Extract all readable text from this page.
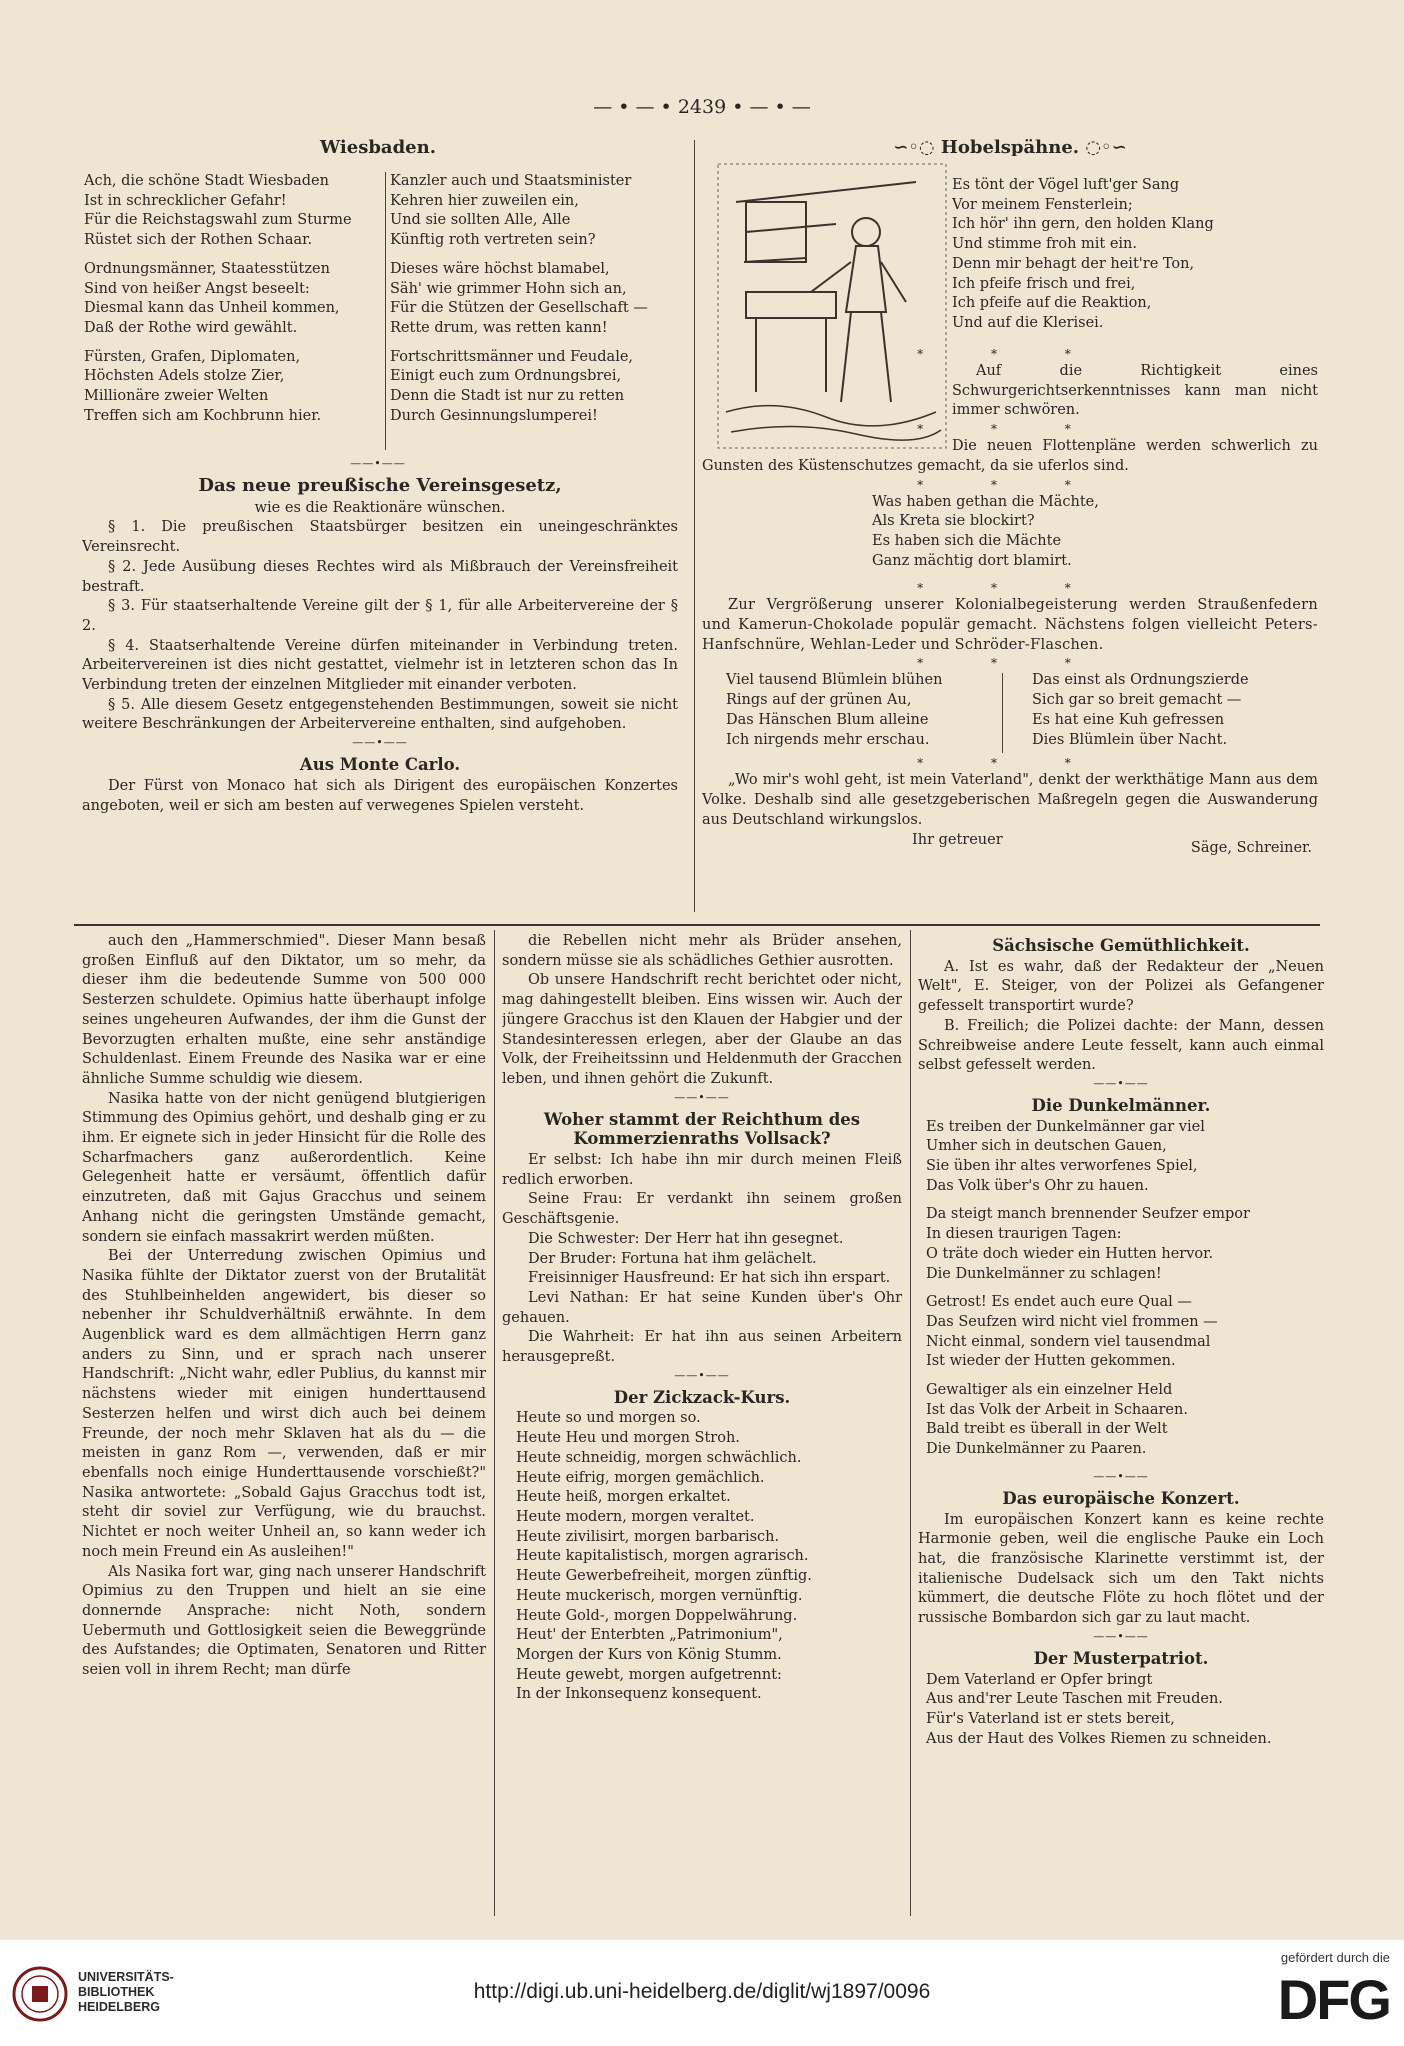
— • — • 2439 • — • —
Wiesbaden.
Ach, die schöne Stadt Wiesbaden
Ist in schrecklicher Gefahr!
Für die Reichstagswahl zum Sturme
Rüstet sich der Rothen Schaar.
Ordnungsmänner, Staatesstützen
Sind von heißer Angst beseelt:
Diesmal kann das Unheil kommen,
Daß der Rothe wird gewählt.
Fürsten, Grafen, Diplomaten,
Höchsten Adels stolze Zier,
Millionäre zweier Welten
Treffen sich am Kochbrunn hier.
Kanzler auch und Staatsminister
Kehren hier zuweilen ein,
Und sie sollten Alle, Alle
Künftig roth vertreten sein?
Dieses wäre höchst blamabel,
Säh' wie grimmer Hohn sich an,
Für die Stützen der Gesellschaft —
Rette drum, was retten kann!
Fortschrittsmänner und Feudale,
Einigt euch zum Ordnungsbrei,
Denn die Stadt ist nur zu retten
Durch Gesinnungslumperei!
——•——
Das neue preußische Vereinsgesetz,
wie es die Reaktionäre wünschen.
§ 1. Die preußischen Staatsbürger besitzen ein uneingeschränktes Vereinsrecht.
§ 2. Jede Ausübung dieses Rechtes wird als Mißbrauch der Vereinsfreiheit bestraft.
§ 3. Für staatserhaltende Vereine gilt der § 1, für alle Arbeitervereine der § 2.
§ 4. Staatserhaltende Vereine dürfen miteinander in Verbindung treten. Arbeitervereinen ist dies nicht gestattet, vielmehr ist in letzteren schon das In Verbindung treten der einzelnen Mitglieder mit einander verboten.
§ 5. Alle diesem Gesetz entgegenstehenden Bestimmungen, soweit sie nicht weitere Beschränkungen der Arbeitervereine enthalten, sind aufgehoben.
——•——
Aus Monte Carlo.
Der Fürst von Monaco hat sich als Dirigent des europäischen Konzertes angeboten, weil er sich am besten auf verwegenes Spielen versteht.
∽◦◌ Hobelspähne. ◌◦∽
Es tönt der Vögel luft'ger Sang
Vor meinem Fensterlein;
Ich hör' ihn gern, den holden Klang
Und stimme froh mit ein.
Denn mir behagt der heit're Ton,
Ich pfeife frisch und frei,
Ich pfeife auf die Reaktion,
Und auf die Klerisei.
* * *
Auf die Richtigkeit eines Schwurgerichtserkenntnisses kann man nicht immer schwören.
* * *
Die neuen Flottenpläne werden schwerlich zu Gunsten des Küstenschutzes gemacht, da sie uferlos sind.
* * *
Was haben gethan die Mächte,
Als Kreta sie blockirt?
Es haben sich die Mächte
Ganz mächtig dort blamirt.
* * *
Zur Vergrößerung unserer Kolonialbegeisterung werden Straußenfedern und Kamerun-Chokolade populär gemacht. Nächstens folgen vielleicht Peters-Hanfschnüre, Wehlan-Leder und Schröder-Flaschen.
* * *
Viel tausend Blümlein blühen
Rings auf der grünen Au,
Das Hänschen Blum alleine
Ich nirgends mehr erschau.
Das einst als Ordnungszierde
Sich gar so breit gemacht —
Es hat eine Kuh gefressen
Dies Blümlein über Nacht.
* * *
„Wo mir's wohl geht, ist mein Vaterland", denkt der werkthätige Mann aus dem Volke. Deshalb sind alle gesetzgeberischen Maßregeln gegen die Auswanderung aus Deutschland wirkungslos.
Ihr getreuer	Säge, Schreiner.
auch den „Hammerschmied". Dieser Mann besaß großen Einfluß auf den Diktator, um so mehr, da dieser ihm die bedeutende Summe von 500 000 Sesterzen schuldete. Opimius hatte überhaupt infolge seines ungeheuren Aufwandes, der ihm die Gunst der Bevorzugten erhalten mußte, eine sehr anständige Schuldenlast. Einem Freunde des Nasika war er eine ähnliche Summe schuldig wie diesem.
Nasika hatte von der nicht genügend blutgierigen Stimmung des Opimius gehört, und deshalb ging er zu ihm. Er eignete sich in jeder Hinsicht für die Rolle des Scharfmachers ganz außerordentlich. Keine Gelegenheit hatte er versäumt, öffentlich dafür einzutreten, daß mit Gajus Gracchus und seinem Anhang nicht die geringsten Umstände gemacht, sondern sie einfach massakrirt werden müßten.
Bei der Unterredung zwischen Opimius und Nasika fühlte der Diktator zuerst von der Brutalität des Stuhlbeinhelden angewidert, bis dieser so nebenher ihr Schuldverhältniß erwähnte. In dem Augenblick ward es dem allmächtigen Herrn ganz anders zu Sinn, und er sprach nach unserer Handschrift: „Nicht wahr, edler Publius, du kannst mir nächstens wieder mit einigen hunderttausend Sesterzen helfen und wirst dich auch bei deinem Freunde, der noch mehr Sklaven hat als du — die meisten in ganz Rom —, verwenden, daß er mir ebenfalls noch einige Hunderttausende vorschießt?" Nasika antwortete: „Sobald Gajus Gracchus todt ist, steht dir soviel zur Verfügung, wie du brauchst. Nichtet er noch weiter Unheil an, so kann weder ich noch mein Freund ein As ausleihen!"
Als Nasika fort war, ging nach unserer Handschrift Opimius zu den Truppen und hielt an sie eine donnernde Ansprache: nicht Noth, sondern Uebermuth und Gottlosigkeit seien die Beweggründe des Aufstandes; die Optimaten, Senatoren und Ritter seien voll in ihrem Recht; man dürfe
die Rebellen nicht mehr als Brüder ansehen, sondern müsse sie als schädliches Gethier ausrotten.
Ob unsere Handschrift recht berichtet oder nicht, mag dahingestellt bleiben. Eins wissen wir. Auch der jüngere Gracchus ist den Klauen der Habgier und der Standesinteressen erlegen, aber der Glaube an das Volk, der Freiheitssinn und Heldenmuth der Gracchen leben, und ihnen gehört die Zukunft.
——•——
Woher stammt der Reichthum des Kommerzienraths Vollsack?
Er selbst: Ich habe ihn mir durch meinen Fleiß redlich erworben.
Seine Frau: Er verdankt ihn seinem großen Geschäftsgenie.
Die Schwester: Der Herr hat ihn gesegnet.
Der Bruder: Fortuna hat ihm gelächelt.
Freisinniger Hausfreund: Er hat sich ihn erspart.
Levi Nathan: Er hat seine Kunden über's Ohr gehauen.
Die Wahrheit: Er hat ihn aus seinen Arbeitern herausgepreßt.
——•——
Der Zickzack-Kurs.
Heute so und morgen so.
Heute Heu und morgen Stroh.
Heute schneidig, morgen schwächlich.
Heute eifrig, morgen gemächlich.
Heute heiß, morgen erkaltet.
Heute modern, morgen veraltet.
Heute zivilisirt, morgen barbarisch.
Heute kapitalistisch, morgen agrarisch.
Heute Gewerbefreiheit, morgen zünftig.
Heute muckerisch, morgen vernünftig.
Heute Gold-, morgen Doppelwährung.
Heut' der Enterbten „Patrimonium",
Morgen der Kurs von König Stumm.
Heute gewebt, morgen aufgetrennt:
In der Inkonsequenz konsequent.
Sächsische Gemüthlichkeit.
A. Ist es wahr, daß der Redakteur der „Neuen Welt", E. Steiger, von der Polizei als Gefangener gefesselt transportirt wurde?
B. Freilich; die Polizei dachte: der Mann, dessen Schreibweise andere Leute fesselt, kann auch einmal selbst gefesselt werden.
——•——
Die Dunkelmänner.
Es treiben der Dunkelmänner gar viel
Umher sich in deutschen Gauen,
Sie üben ihr altes verworfenes Spiel,
Das Volk über's Ohr zu hauen.
Da steigt manch brennender Seufzer empor
In diesen traurigen Tagen:
O träte doch wieder ein Hutten hervor.
Die Dunkelmänner zu schlagen!
Getrost! Es endet auch eure Qual —
Das Seufzen wird nicht viel frommen —
Nicht einmal, sondern viel tausendmal
Ist wieder der Hutten gekommen.
Gewaltiger als ein einzelner Held
Ist das Volk der Arbeit in Schaaren.
Bald treibt es überall in der Welt
Die Dunkelmänner zu Paaren.
——•——
Das europäische Konzert.
Im europäischen Konzert kann es keine rechte Harmonie geben, weil die englische Pauke ein Loch hat, die französische Klarinette verstimmt ist, der italienische Dudelsack sich um den Takt nichts kümmert, die deutsche Flöte zu hoch flötet und der russische Bombardon sich gar zu laut macht.
——•——
Der Musterpatriot.
Dem Vaterland er Opfer bringt
Aus and'rer Leute Taschen mit Freuden.
Für's Vaterland ist er stets bereit,
Aus der Haut des Volkes Riemen zu schneiden.
UNIVERSITÄTS-
BIBLIOTHEK
HEIDELBERG
http://digi.ub.uni-heidelberg.de/diglit/wj1897/0096
gefördert durch die
DFG
